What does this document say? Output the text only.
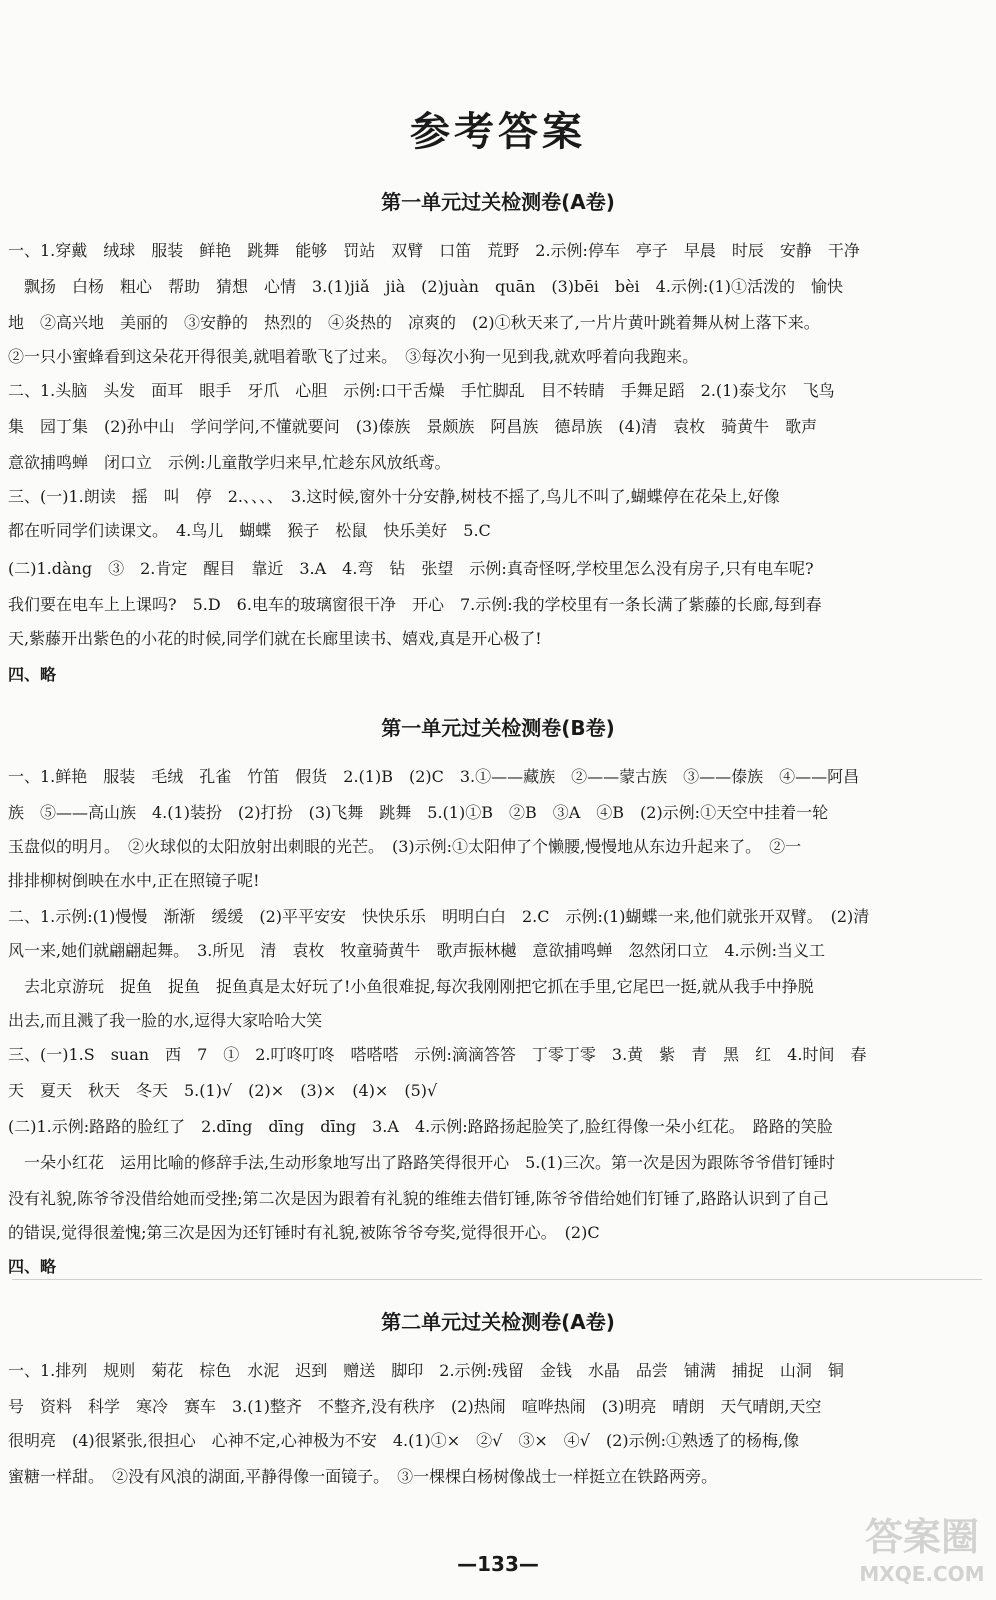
参考答案
第一单元过关检测卷(A卷)
一、1.穿戴　绒球　服装　鲜艳　跳舞　能够　罚站　双臂　口笛　荒野　2.示例:停车　亭子　早晨　时辰　安静　干净
　飘扬　白杨　粗心　帮助　猜想　心情　3.(1)jiǎ　jià　(2)juàn　quān　(3)bēi　bèi　4.示例:(1)①活泼的　愉快
地　②高兴地　美丽的　③安静的　热烈的　④炎热的　凉爽的　(2)①秋天来了,一片片黄叶跳着舞从树上落下来。
②一只小蜜蜂看到这朵花开得很美,就唱着歌飞了过来。　③每次小狗一见到我,就欢呼着向我跑来。
二、1.头脑　头发　面耳　眼手　牙爪　心胆　示例:口干舌燥　手忙脚乱　目不转睛　手舞足蹈　2.(1)泰戈尔　飞鸟
集　园丁集　(2)孙中山　学问学问,不懂就要问　(3)傣族　景颇族　阿昌族　德昂族　(4)清　袁枚　骑黄牛　歌声
意欲捕鸣蝉　闭口立　示例:儿童散学归来早,忙趁东风放纸鸢。
三、(一)1.朗读　摇　叫　停　2.、、、、　3.这时候,窗外十分安静,树枝不摇了,鸟儿不叫了,蝴蝶停在花朵上,好像
都在听同学们读课文。　4.鸟儿　蝴蝶　猴子　松鼠　快乐美好　5.C
(二)1.dàng　③　2.肯定　醒目　靠近　3.A　4.弯　钻　张望　示例:真奇怪呀,学校里怎么没有房子,只有电车呢?
我们要在电车上上课吗?　5.D　6.电车的玻璃窗很干净　开心　7.示例:我的学校里有一条长满了紫藤的长廊,每到春
天,紫藤开出紫色的小花的时候,同学们就在长廊里读书、嬉戏,真是开心极了!
四、略
第一单元过关检测卷(B卷)
一、1.鲜艳　服装　毛绒　孔雀　竹笛　假货　2.(1)B　(2)C　3.①——藏族　②——蒙古族　③——傣族　④——阿昌
族　⑤——高山族　4.(1)装扮　(2)打扮　(3)飞舞　跳舞　5.(1)①B　②B　③A　④B　(2)示例:①天空中挂着一轮
玉盘似的明月。　②火球似的太阳放射出刺眼的光芒。　(3)示例:①太阳伸了个懒腰,慢慢地从东边升起来了。　②一
排排柳树倒映在水中,正在照镜子呢!
二、1.示例:(1)慢慢　渐渐　缓缓　(2)平平安安　快快乐乐　明明白白　2.C　示例:(1)蝴蝶一来,他们就张开双臂。　(2)清
风一来,她们就翩翩起舞。　3.所见　清　袁枚　牧童骑黄牛　歌声振林樾　意欲捕鸣蝉　忽然闭口立　4.示例:当义工
　去北京游玩　捉鱼　捉鱼　捉鱼真是太好玩了!小鱼很难捉,每次我刚刚把它抓在手里,它尾巴一挺,就从我手中挣脱
出去,而且溅了我一脸的水,逗得大家哈哈大笑
三、(一)1.S　suan　西　7　①　2.叮咚叮咚　嗒嗒嗒　示例:滴滴答答　丁零丁零　3.黄　紫　青　黑　红　4.时间　春
天　夏天　秋天　冬天　5.(1)√　(2)×　(3)×　(4)×　(5)√
(二)1.示例:路路的脸红了　2.dīng　dīng　dīng　3.A　4.示例:路路扬起脸笑了,脸红得像一朵小红花。　路路的笑脸
　一朵小红花　运用比喻的修辞手法,生动形象地写出了路路笑得很开心　5.(1)三次。第一次是因为跟陈爷爷借钉锤时
没有礼貌,陈爷爷没借给她而受挫;第二次是因为跟着有礼貌的维维去借钉锤,陈爷爷借给她们钉锤了,路路认识到了自己
的错误,觉得很羞愧;第三次是因为还钉锤时有礼貌,被陈爷爷夸奖,觉得很开心。　(2)C
四、略
第二单元过关检测卷(A卷)
一、1.排列　规则　菊花　棕色　水泥　迟到　赠送　脚印　2.示例:残留　金钱　水晶　品尝　铺满　捕捉　山洞　铜
号　资料　科学　寒冷　赛车　3.(1)整齐　不整齐,没有秩序　(2)热闹　喧哗热闹　(3)明亮　晴朗　天气晴朗,天空
很明亮　(4)很紧张,很担心　心神不定,心神极为不安　4.(1)①×　②√　③×　④√　(2)示例:①熟透了的杨梅,像
蜜糖一样甜。　②没有风浪的湖面,平静得像一面镜子。　③一棵棵白杨树像战士一样挺立在铁路两旁。
—133—
答案圈
MXQE.COM
